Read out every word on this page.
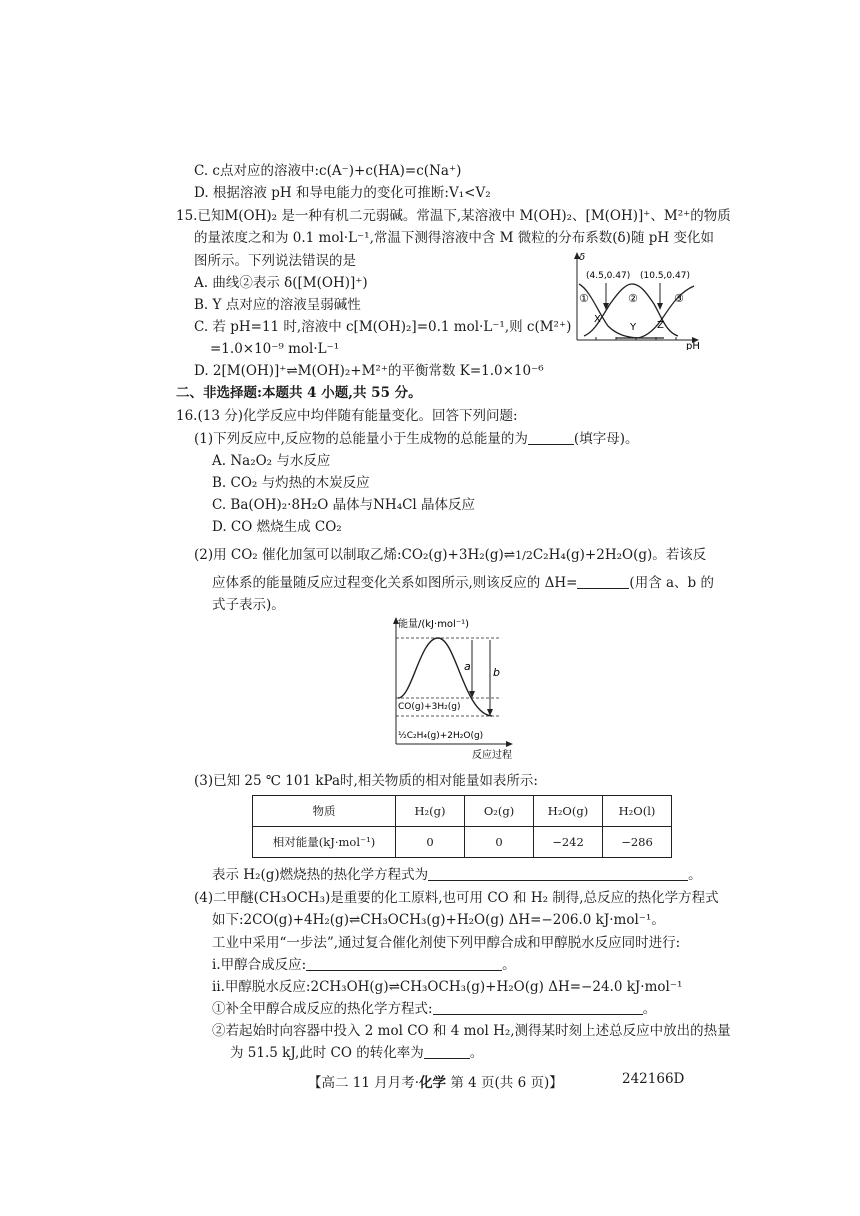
C. c点对应的溶液中:c(A⁻)+c(HA)=c(Na⁺)
D. 根据溶液 pH 和导电能力的变化可推断:V₁<V₂
15.已知M(OH)₂ 是一种有机二元弱碱。常温下,某溶液中 M(OH)₂、[M(OH)]⁺、M²⁺的物质
的量浓度之和为 0.1 mol·L⁻¹,常温下测得溶液中含 M 微粒的分布系数(δ)随 pH 变化如
图所示。下列说法错误的是
A. 曲线②表示 δ([M(OH)]⁺)
B. Y 点对应的溶液呈弱碱性
C. 若 pH=11 时,溶液中 c[M(OH)₂]=0.1 mol·L⁻¹,则 c(M²⁺)
=1.0×10⁻⁹ mol·L⁻¹
D. 2[M(OH)]⁺⇌M(OH)₂+M²⁺的平衡常数 K=1.0×10⁻⁶
δ
pH
(4.5,0.47) (10.5,0.47)
①	②	③
X
Y Z
二、非选择题:本题共 4 小题,共 55 分。
16.(13 分)化学反应中均伴随有能量变化。回答下列问题:
(1)下列反应中,反应物的总能量小于生成物的总能量的为	(填字母)。
A. Na₂O₂ 与水反应
B. CO₂ 与灼热的木炭反应
C. Ba(OH)₂·8H₂O 晶体与NH₄Cl 晶体反应
D. CO 燃烧生成 CO₂
(2)用 CO₂ 催化加氢可以制取乙烯:CO₂(g)+3H₂(g)⇌1/2C₂H₄(g)+2H₂O(g)。若该反
应体系的能量随反应过程变化关系如图所示,则该反应的 ΔH=	(用含 a、b 的
式子表示)。
能量/(kJ·mol⁻¹)
反应过程
a b
CO(g)+3H₂(g)
½C₂H₄(g)+2H₂O(g)
(3)已知 25 ℃ 101 kPa时,相关物质的相对能量如表所示:
物质	H₂(g)	O₂(g)	H₂O(g)	H₂O(l)
相对能量(kJ·mol⁻¹)	0	0	−242	−286
表示 H₂(g)燃烧热的热化学方程式为	。
(4)二甲醚(CH₃OCH₃)是重要的化工原料,也可用 CO 和 H₂ 制得,总反应的热化学方程式
如下:2CO(g)+4H₂(g)⇌CH₃OCH₃(g)+H₂O(g) ΔH=−206.0 kJ·mol⁻¹。
工业中采用“一步法”,通过复合催化剂使下列甲醇合成和甲醇脱水反应同时进行:
ⅰ.甲醇合成反应:	。
ⅱ.甲醇脱水反应:2CH₃OH(g)⇌CH₃OCH₃(g)+H₂O(g) ΔH=−24.0 kJ·mol⁻¹
①补全甲醇合成反应的热化学方程式:	。
②若起始时向容器中投入 2 mol CO 和 4 mol H₂,测得某时刻上述总反应中放出的热量
为 51.5 kJ,此时 CO 的转化率为	。
【高二 11 月月考·化学 第 4 页(共 6 页)】	242166D
